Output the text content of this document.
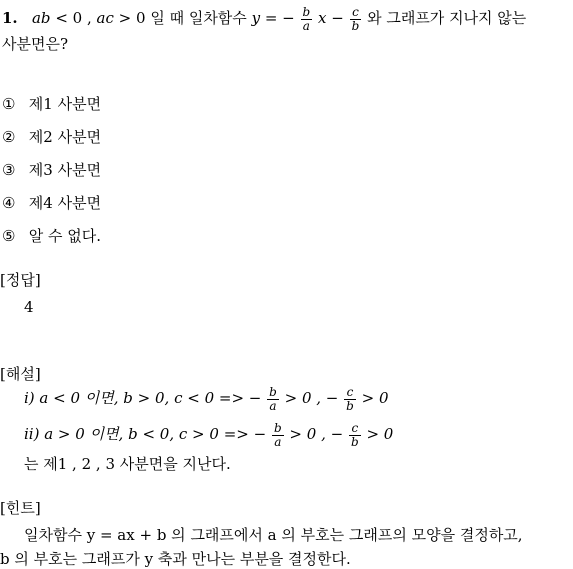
1. ab < 0 , ac > 0 일 때 일차함수 y = − $\frac{b}{a}$ $x - \frac{c}{b}$ 와 그래프가 지나지 않는
사분면은?
① 제1 사분면
② 제2 사분면
③ 제3 사분면
④ 제4 사분면
⑤ 알 수 없다.
[정답]
4
[해설]
i) a < 0 이면, b > 0, c < 0 => − $\frac{b}{a} > 0$ , − $\frac{c}{b} > 0$
ii) a > 0 이면, b < 0, c > 0 => − $\frac{b}{a} > 0$ , − $\frac{c}{b} > 0$
는 제1 , 2 , 3 사분면을 지난다.
[힌트]
일차함수 y = ax + b 의 그래프에서 a 의 부호는 그래프의 모양을 결정하고,
b 의 부호는 그래프가 y 축과 만나는 부분을 결정한다.
